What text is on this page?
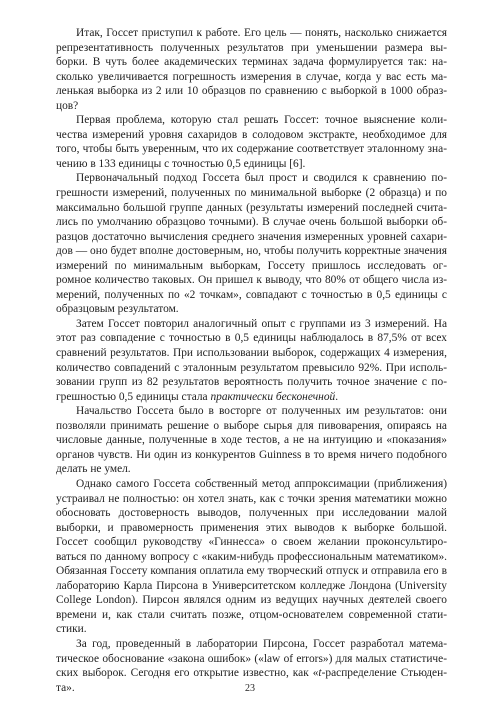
Итак, Госсет приступил к работе. Его цель — понять, насколько снижается репрезентативность полученных результатов при уменьшении размера выборки. В чуть более академических терминах задача формулируется так: насколько увеличивается погрешность измерения в случае, когда у вас есть маленькая выборка из 2 или 10 образцов по сравнению с выборкой в 1000 образцов?

Первая проблема, которую стал решать Госсет: точное выяснение количества измерений уровня сахаридов в солодовом экстракте, необходимое для того, чтобы быть уверенным, что их содержание соответствует эталонному значению в 133 единицы с точностью 0,5 единицы [6].

Первоначальный подход Госсета был прост и сводился к сравнению погрешности измерений, полученных по минимальной выборке (2 образца) и по максимально большой группе данных (результаты измерений последней считaлись по умолчанию образцово точными). В случае очень большой выборки образцов достаточно вычисления среднего значения измеренных уровней сахаридов — оно будет вполне достоверным, но, чтобы получить корректные значения измерений по минимальным выборкам, Госсету пришлось исследовать огромное количество таковых. Он пришел к выводу, что 80% от общего числа измерений, полученных по «2 точкам», совпадают с точностью в 0,5 единицы с образцовым результатом.

Затем Госсет повторил аналогичный опыт с группами из 3 измерений. На этот раз совпадение с точностью в 0,5 единицы наблюдалось в 87,5% от всех сравнений результатов. При использовании выборок, содержащих 4 измерения, количество совпадений с эталонным результатом превысило 92%. При использовании групп из 82 результатов вероятность получить точное значение с погрешностью 0,5 единицы стала практически бесконечной.

Начальство Госсета было в восторге от полученных им результатов: они позволяли принимать решение о выборе сырья для пивоварения, опираясь на числовые данные, полученные в ходе тестов, а не на интуицию и «показания» органов чувств. Ни один из конкурентов Guinness в то время ничего подобного делать не умел.

Однако самого Госсета собственный метод аппроксимации (приближения) устраивал не полностью: он хотел знать, как с точки зрения математики можно обосновать достоверность выводов, полученных при исследовании малой выборки, и правомерность применения этих выводов к выборке большой. Госсет сообщил руководству «Гиннесса» о своем желании проконсультироваться по данному вопросу с «каким-нибудь профессиональным математиком». Обязанная Госсету компания оплатила ему творческий отпуск и отправила его в лабораторию Карла Пирсона в Университетском колледже Лондона (University College London). Пирсон являлся одним из ведущих научных деятелей своего времени и, как стали считать позже, отцом-основателем современной статистики.

За год, проведенный в лаборатории Пирсона, Госсет разработал математическое обоснование «закона ошибок» («law of errors») для малых статистических выборок. Сегодня его открытие известно, как «t-распределение Стьюдента».	23
